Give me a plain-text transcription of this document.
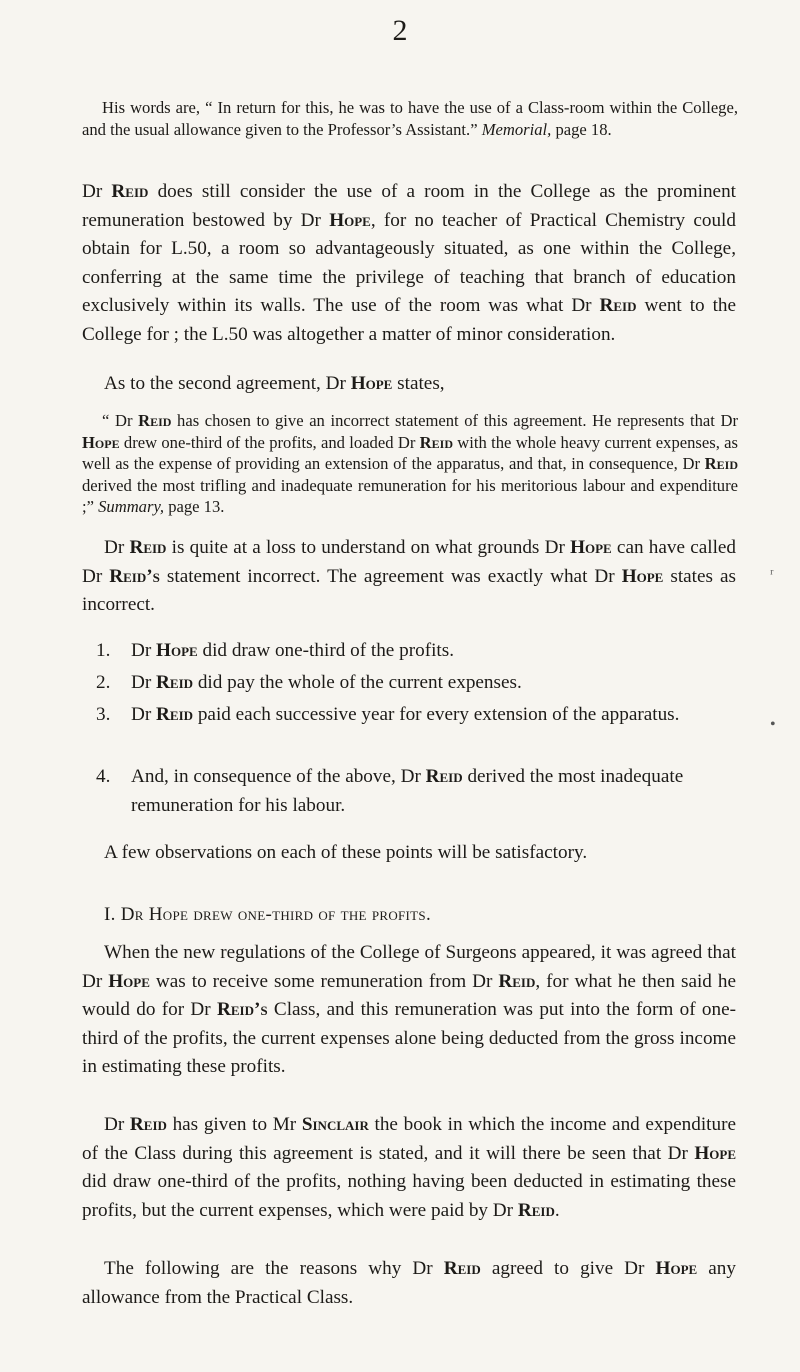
2

His words are, “ In return for this, he was to have the use of a Class-room within the College, and the usual allowance given to the Professor’s Assistant.” Memorial, page 18.

Dr Reid does still consider the use of a room in the College as the prominent remuneration bestowed by Dr Hope, for no teacher of Practical Chemistry could obtain for L.50, a room so advantageously situated, as one within the College, conferring at the same time the privilege of teaching that branch of education exclusively within its walls. The use of the room was what Dr Reid went to the College for ; the L.50 was altogether a matter of minor consideration.

As to the second agreement, Dr Hope states,

“ Dr Reid has chosen to give an incorrect statement of this agreement. He represents that Dr Hope drew one-third of the profits, and loaded Dr Reid with the whole heavy current expenses, as well as the expense of providing an extension of the apparatus, and that, in consequence, Dr Reid derived the most trifling and inadequate remuneration for his meritorious labour and expenditure ;” Summary, page 13.

Dr Reid is quite at a loss to understand on what grounds Dr Hope can have called Dr Reid’s statement incorrect. The agreement was exactly what Dr Hope states as incorrect.

1. Dr Hope did draw one-third of the profits.

2. Dr Reid did pay the whole of the current expenses.

3. Dr Reid paid each successive year for every extension of the apparatus.

4. And, in consequence of the above, Dr Reid derived the most inadequate remuneration for his labour.

A few observations on each of these points will be satisfactory.

I. Dr Hope drew one-third of the profits.

When the new regulations of the College of Surgeons appeared, it was agreed that Dr Hope was to receive some remuneration from Dr Reid, for what he then said he would do for Dr Reid’s Class, and this remuneration was put into the form of one-third of the profits, the current expenses alone being deducted from the gross income in estimating these profits.

Dr Reid has given to Mr Sinclair the book in which the income and expenditure of the Class during this agreement is stated, and it will there be seen that Dr Hope did draw one-third of the profits, nothing having been deducted in estimating these profits, but the current expenses, which were paid by Dr Reid.

The following are the reasons why Dr Reid agreed to give Dr Hope any allowance from the Practical Class.

ʳ
•
